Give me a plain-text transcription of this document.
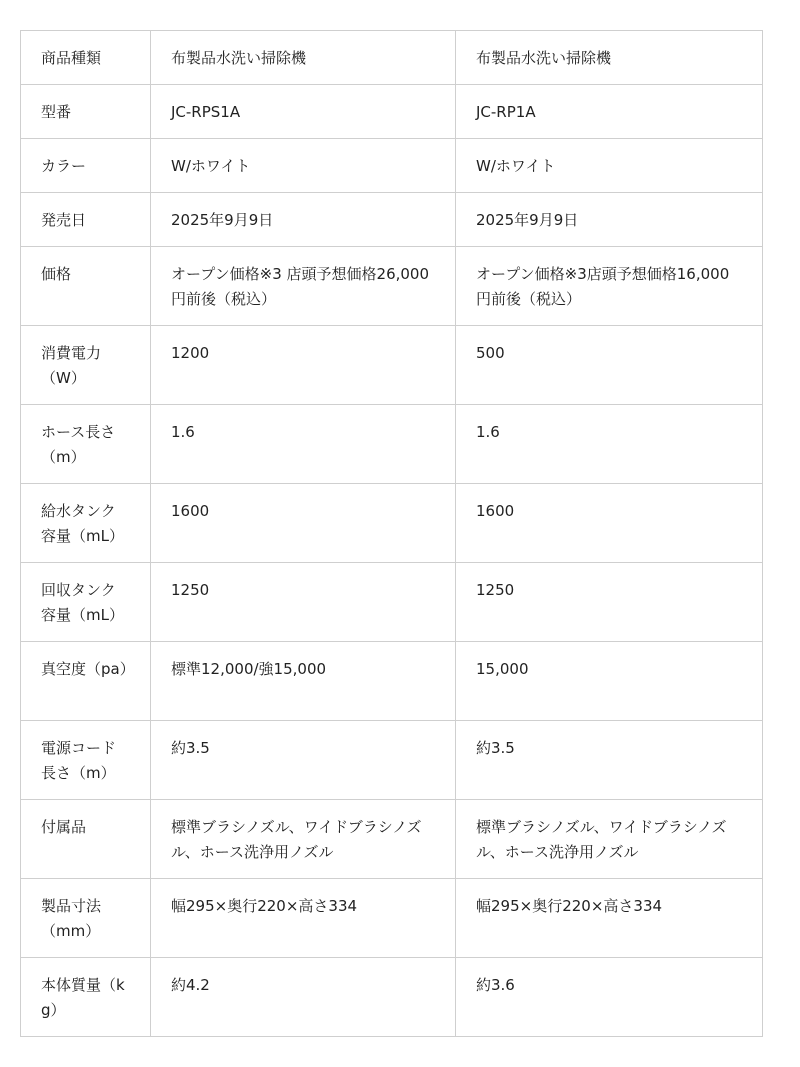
商品種類	布製品水洗い掃除機	布製品水洗い掃除機
型番	JC-RPS1A	JC-RP1A
カラー	W/ホワイト	W/ホワイト
発売日	2025年9月9日	2025年9月9日
価格	オープン価格※3 店頭予想価格26,000円前後（税込）	オープン価格※3店頭予想価格16,000円前後（税込）
消費電力（W）	1200	500
ホース長さ（m）	1.6	1.6
給水タンク容量（mL）	1600	1600
回収タンク容量（mL）	1250	1250
真空度（pa）	標準12,000/強15,000	15,000
電源コード長さ（m）	約3.5	約3.5
付属品	標準ブラシノズル、ワイドブラシノズル、ホース洗浄用ノズル	標準ブラシノズル、ワイドブラシノズル、ホース洗浄用ノズル
製品寸法（mm）	幅295×奥行220×高さ334	幅295×奥行220×高さ334
本体質量（kg）	約4.2	約3.6
